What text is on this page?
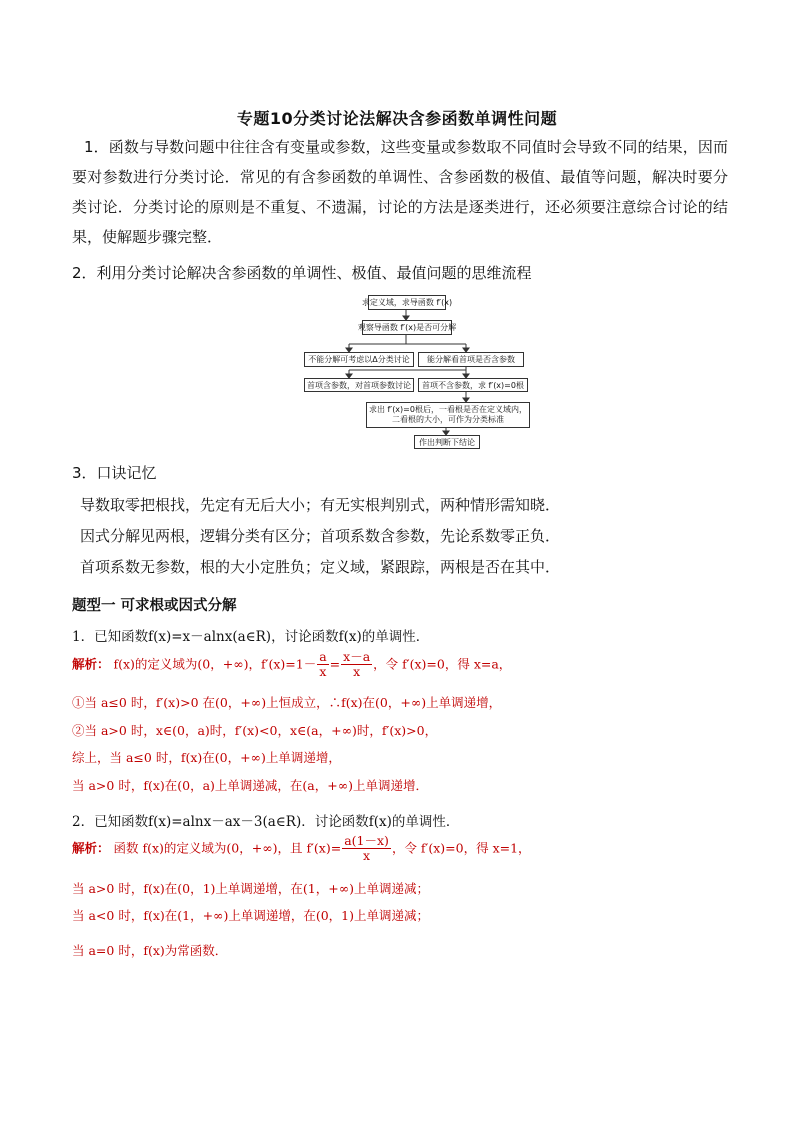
专题10分类讨论法解决含参函数单调性问题
1．函数与导数问题中往往含有变量或参数，这些变量或参数取不同值时会导致不同的结果，因而要对参数进行分类讨论．常见的有含参函数的单调性、含参函数的极值、最值等问题，解决时要分类讨论．分类讨论的原则是不重复、不遗漏，讨论的方法是逐类进行，还必须要注意综合讨论的结果，使解题步骤完整．
2．利用分类讨论解决含参函数的单调性、极值、最值问题的思维流程
求定义域，求导函数 f′(x)
观察导函数 f′(x)是否可分解
不能分解可考虑以Δ分类讨论	能分解看首项是否含参数
首项含参数，对首项参数讨论	首项不含参数，求 f′(x)=0根
求出 f′(x)=0根后，一看根是否在定义域内，二看根的大小，可作为分类标准
作出判断下结论
3．口诀记忆
导数取零把根找，先定有无后大小；有无实根判别式，两种情形需知晓．
因式分解见两根，逻辑分类有区分；首项系数含参数，先论系数零正负．
首项系数无参数，根的大小定胜负；定义域，紧跟踪，两根是否在其中．
题型一 可求根或因式分解
1．已知函数f(x)=x－alnx(a∈R)，讨论函数f(x)的单调性．
解析： f(x)的定义域为(0，+∞)，$f'(x)=1- \frac{a}{x} = \frac{x-a}{x}$ ，令 f′(x)=0，得 x=a，
①当 a≤0 时，f′(x)>0 在(0，+∞)上恒成立，∴f(x)在(0，+∞)上单调递增，
②当 a>0 时，x∈(0，a)时，f′(x)<0，x∈(a，+∞)时，f′(x)>0，
综上，当 a≤0 时，f(x)在(0，+∞)上单调递增，
当 a>0 时，f(x)在(0，a)上单调递减，在(a，+∞)上单调递增．
2．已知函数f(x)=alnx－ax－3(a∈R)．讨论函数f(x)的单调性．
解析： 函数 f(x)的定义域为(0，+∞)，且 $f'(x)= \frac{a(1-x)}{x}$ ，令 f′(x)=0，得 x=1，
当 a>0 时，f(x)在(0，1)上单调递增，在(1，+∞)上单调递减；
当 a<0 时，f(x)在(1，+∞)上单调递增，在(0，1)上单调递减；
当 a=0 时，f(x)为常函数．
